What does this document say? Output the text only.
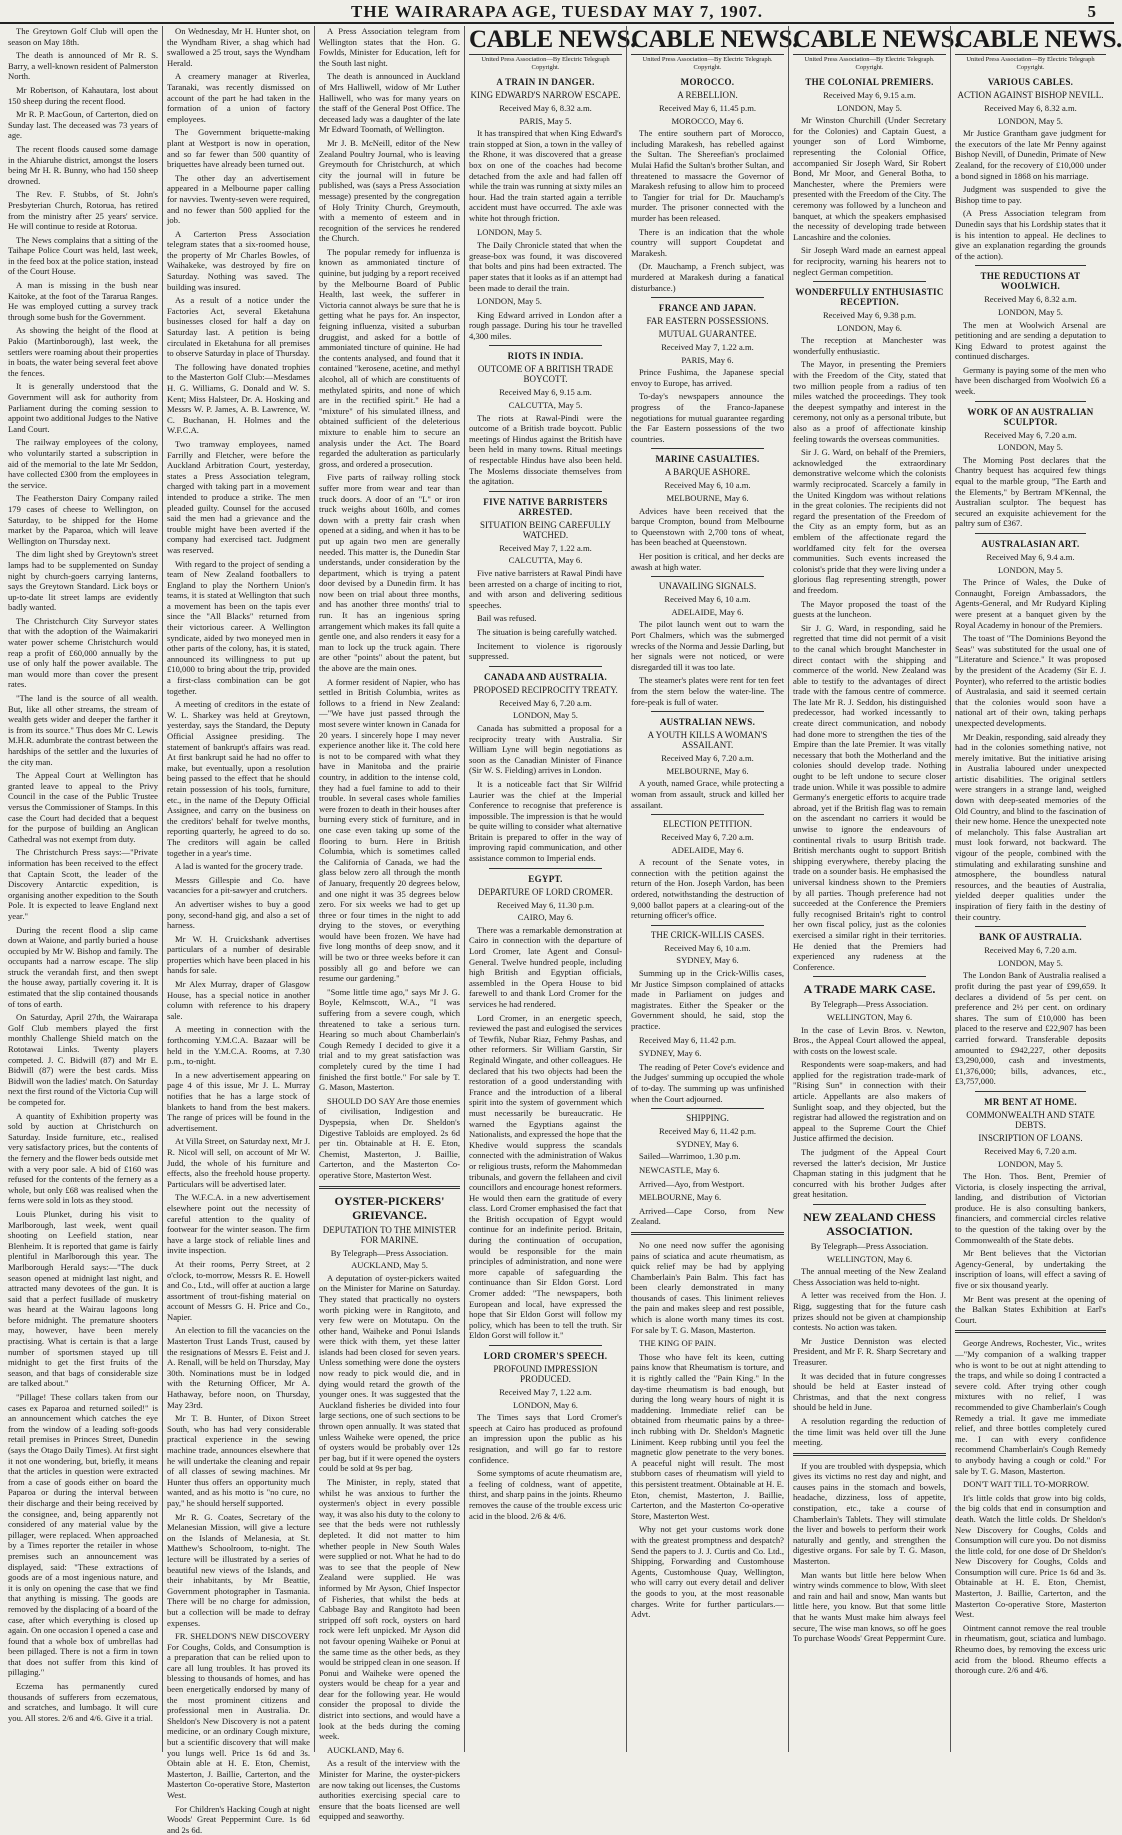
THE WAIRARAPA AGE, TUESDAY MAY 7, 1907.	5

The Greytown Golf Club will open the season on May 18th.

The death is announced of Mr R. S. Barry, a well-known resident of Palmerston North.

Mr Robertson, of Kahautara, lost about 150 sheep during the recent flood.

Mr R. P. MacGoun, of Carterton, died on Sunday last. The deceased was 73 years of age.

The recent floods caused some damage in the Ahiaruhe district, amongst the losers being Mr H. R. Bunny, who had 150 sheep drowned.

The Rev. F. Stubbs, of St. John's Presbyterian Church, Rotorua, has retired from the ministry after 25 years' service. He will continue to reside at Rotorua.

The News complains that a sitting of the Taihape Police Court was held, last week, in the feed box at the police station, instead of the Court House.

A man is missing in the bush near Kaitoke, at the foot of the Tararua Ranges. He was employed cutting a survey track through some bush for the Government.

As showing the height of the flood at Pakio (Martinborough), last week, the settlers were roaming about their properties in boats, the water being several feet above the fences.

It is generally understood that the Government will ask for authority from Parliament during the coming session to appoint two additional Judges to the Native Land Court.

The railway employees of the colony, who voluntarily started a subscription in aid of the memorial to the late Mr Seddon, have collected £300 from the employees in the service.

The Featherston Dairy Company railed 179 cases of cheese to Wellington, on Saturday, to be shipped for the Home market by the Paparoa, which will leave Wellington on Thursday next.

The dim light shed by Greytown's street lamps had to be supplemented on Sunday night by church-goers carrying lanterns, says the Greytown Standard. Lick boys or up-to-date lit street lamps are evidently badly wanted.

The Christchurch City Surveyor states that with the adoption of the Waimakariri water power scheme Christchurch would reap a profit of £60,000 annually by the use of only half the power available. The man would more than cover the present rates.

"The land is the source of all wealth. But, like all other streams, the stream of wealth gets wider and deeper the farther it is from its source." Thus does Mr C. Lewis M.H.R. adumbrate the contrast between the hardships of the settler and the luxuries of the city man.

The Appeal Court at Wellington has granted leave to appeal to the Privy Council in the case of the Public Trustee versus the Commissioner of Stamps. In this case the Court had decided that a bequest for the purpose of building an Anglican Cathedral was not exempt from duty.

The Christchurch Press says:—"Private information has been received to the effect that Captain Scott, the leader of the Discovery Antarctic expedition, is organising another expedition to the South Pole. It is expected to leave England next year."

During the recent flood a slip came down at Waione, and partly buried a house occupied by Mr W. Bishop and family. The occupants had a narrow escape. The slip struck the verandah first, and then swept the house away, partially covering it. It is estimated that the slip contained thousands of tons of earth.

On Saturday, April 27th, the Wairarapa Golf Club members played the first monthly Challenge Shield match on the Rototawai Links. Twenty players competed. J. C. Bidwill (87) and Mr E. Bidwill (87) were the best cards. Miss Bidwill won the ladies' match. On Saturday next the first round of the Victoria Cup will be competed for.

A quantity of Exhibition property was sold by auction at Christchurch on Saturday. Inside furniture, etc., realised very satisfactory prices, but the contents of the fernery and the flower beds outside met with a very poor sale. A bid of £160 was refused for the contents of the fernery as a whole, but only £68 was realised when the ferns were sold in lots as they stood.

Louis Plunket, during his visit to Marlborough, last week, went quail shooting on Leefield station, near Blenheim. It is reported that game is fairly plentiful in Marlborough this year. The Marlborough Herald says:—"The duck season opened at midnight last night, and attracted many devotees of the gun. It is said that a perfect fusillade of musketry was heard at the Wairau lagoons long before midnight. The premature shooters may, however, have been merely practising. What is certain is that a large number of sportsmen stayed up till midnight to get the first fruits of the season, and that bags of considerable size are talked about."

"Pillage! These collars taken from our cases ex Paparoa and returned soiled!" is an announcement which catches the eye from the window of a leading soft-goods retail premises in Princes Street, Dunedin (says the Otago Daily Times). At first sight it not one wondering, but, briefly, it means that the articles in question were extracted from a case of goods either on board the Paparoa or during the interval between their discharge and their being received by the consignee, and, being apparently not considered of any material value by the pillager, were replaced. When approached by a Times reporter the retailer in whose premises such an announcement was displayed, said: "These extractions of goods are of a most ingenious nature, and it is only on opening the case that we find that anything is missing. The goods are removed by the displacing of a board of the case, after which everything is closed up again. On one occasion I opened a case and found that a whole box of umbrellas had been pillaged. There is not a firm in town that does not suffer from this kind of pillaging."

Eczema has permanently cured thousands of sufferers from eczematous, and scratches, and lumbago. It will cure you. All stores. 2/6 and 4/6. Give it a trial.

On Wednesday, Mr H. Hunter shot, on the Wyndham River, a shag which had swallowed a 25 trout, says the Wyndham Herald.

A creamery manager at Riverlea, Taranaki, was recently dismissed on account of the part he had taken in the formation of a union of factory employees.

The Government briquette-making plant at Westport is now in operation, and so far fewer than 500 quantity of briquettes have already been turned out.

The other day an advertisement appeared in a Melbourne paper calling for navvies. Twenty-seven were required, and no fewer than 500 applied for the job.

A Carterton Press Association telegram states that a six-roomed house, the property of Mr Charles Bowles, of Waihakeke, was destroyed by fire on Saturday. Nothing was saved. The building was insured.

As a result of a notice under the Factories Act, several Eketahuna businesses closed for half a day on Saturday last. A petition is being circulated in Eketahuna for all premises to observe Saturday in place of Thursday.

The following have donated trophies to the Masterton Golf Club:—Mesdames H. G. Williams, G. Donald and W. S. Kent; Miss Halsteer, Dr. A. Hosking and Messrs W. P. James, A. B. Lawrence, W. C. Buchanan, H. Holmes and the W.F.C.A.

Two tramway employees, named Farrilly and Fletcher, were before the Auckland Arbitration Court, yesterday, states a Press Association telegram, charged with taking part in a movement intended to produce a strike. The men pleaded guilty. Counsel for the accused said the men had a grievance and the trouble might have been averted if the company had exercised tact. Judgment was reserved.

With regard to the project of sending a team of New Zealand footballers to England to play the Northern Union's teams, it is stated at Wellington that such a movement has been on the tapis ever since the "All Blacks" returned from their victorious career. A Wellington syndicate, aided by two moneyed men in other parts of the colony, has, it is stated, announced its willingness to put up £10,000 to bring about the trip, provided a first-class combination can be got together.

A meeting of creditors in the estate of W. L. Sharkey was held at Greytown, yesterday, says the Standard, the Deputy Official Assignee presiding. The statement of bankrupt's affairs was read. At first bankrupt said he had no offer to make, but eventually, upon a resolution being passed to the effect that he should retain possession of his tools, furniture, etc., in the name of the Deputy Official Assignee, and carry on the business on the creditors' behalf for twelve months, reporting quarterly, he agreed to do so. The creditors will again be called together in a year's time.

A lad is wanted for the grocery trade.

Messrs Gillespie and Co. have vacancies for a pit-sawyer and crutchers.

An advertiser wishes to buy a good pony, second-hand gig, and also a set of harness.

Mr W. H. Cruickshank advertises particulars of a number of desirable properties which have been placed in his hands for sale.

Mr Alex Murray, draper of Glasgow House, has a special notice in another column with reference to his drapery sale.

A meeting in connection with the forthcoming Y.M.C.A. Bazaar will be held in the Y.M.C.A. Rooms, at 7.30 p.m., to-night.

In a new advertisement appearing on page 4 of this issue, Mr J. L. Murray notifies that he has a large stock of blankets to hand from the best makers. The range of prices will be found in the advertisement.

At Villa Street, on Saturday next, Mr J. R. Nicol will sell, on account of Mr W. Judd, the whole of his furniture and effects, also the freehold house property. Particulars will be advertised later.

The W.F.C.A. in a new advertisement elsewhere point out the necessity of careful attention to the quality of footwear for the winter season. The firm have a large stock of reliable lines and invite inspection.

At their rooms, Perry Street, at 2 o'clock, to-morrow, Messrs R. E. Howell and Co., Ltd., will offer at auction a large assortment of trout-fishing material on account of Messrs G. H. Price and Co., Napier.

An election to fill the vacancies on the Masterton Trust Lands Trust, caused by the resignations of Messrs E. Feist and J. A. Renall, will be held on Thursday, May 30th. Nominations must be in lodged with the Returning Officer, Mr A. Hathaway, before noon, on Thursday, May 23rd.

Mr T. B. Hunter, of Dixon Street South, who has had very considerable practical experience in the sewing machine trade, announces elsewhere that he will undertake the cleaning and repair of all classes of sewing machines. Mr Hunter thus offers an opportunity much wanted, and as his motto is "no cure, no pay," he should herself supported.

Mr R. G. Coates, Secretary of the Melanesian Mission, will give a lecture on the Islands of Melanesia, at St. Matthew's Schoolroom, to-night. The lecture will be illustrated by a series of beautiful new views of the Islands, and their inhabitants, by Mr Beattie, Government photographer in Tasmania. There will be no charge for admission, but a collection will be made to defray expenses.

FR. SHELDON'S NEW DISCOVERY For Coughs, Colds, and Consumption is a preparation that can be relied upon to care all lung troubles. It has proved its blessing to thousands of homes, and has been energetically endorsed by many of the most prominent citizens and professional men in Australia. Dr. Sheldon's New Discovery is not a patent medicine, or an ordinary Cough mixture, but a scientific discovery that will make you lungs well. Price 1s 6d and 3s. Obtain able at H. E. Eton, Chemist, Masterton, J. Baillie, Carterton, and the Masterton Co-operative Store, Masterton West.

For Children's Hacking Cough at night Woods' Great Peppermint Cure. 1s 6d and 2s 6d.

A Press Association telegram from Wellington states that the Hon. G. Fowlds, Minister for Education, left for the South last night.

The death is announced in Auckland of Mrs Halliwell, widow of Mr Luther Halliwell, who was for many years on the staff of the General Post Office. The deceased lady was a daughter of the late Mr Edward Toomath, of Wellington.

Mr J. B. McNeill, editor of the New Zealand Poultry Journal, who is leaving Greymouth for Christchurch, at which city the journal will in future be published, was (says a Press Association message) presented by the congregation of Holy Trinity Church, Greymouth, with a memento of esteem and in recognition of the services he rendered the Church.

The popular remedy for influenza is known as ammoniated tincture of quinine, but judging by a report received by the Melbourne Board of Public Health, last week, the sufferer in Victoria cannot always be sure that he is getting what he pays for. An inspector, feigning influenza, visited a suburban druggist, and asked for a bottle of ammoniated tincture of quinine. He had the contents analysed, and found that it contained "kerosene, acetine, and methyl alcohol, all of which are constituents of methylated spirits, and none of which are in the rectified spirit." He had a "mixture" of his simulated illness, and obtained sufficient of the deleterious mixture to enable him to secure an analysis under the Act. The Board regarded the adulteration as particularly gross, and ordered a prosecution.

Five parts of railway rolling stock suffer more from wear and tear than truck doors. A door of an "L" or iron truck weighs about 160lb, and comes down with a pretty fair crash when opened at a siding, and when it has to be put up again two men are generally needed. This matter is, the Dunedin Star understands, under consideration by the department, which is trying a patent door devised by a Dunedin firm. It has now been on trial about three months, and has another three months' trial to run. It has an ingenious spring arrangement which makes its fall quite a gentle one, and also renders it easy for a man to lock up the truck again. There are other "points" about the patent, but the above are the main ones.

A former resident of Napier, who has settled in British Columbia, writes as follows to a friend in New Zealand:—"We have just passed through the most severe winter known in Canada for 20 years. I sincerely hope I may never experience another like it. The cold here is not to be compared with what they have in Manitoba and the prairie country, in addition to the intense cold, they had a fuel famine to add to their trouble. In several cases whole families were frozen to death in their houses after burning every stick of furniture, and in one case even taking up some of the flooring to burn. Here in British Columbia, which is sometimes called the California of Canada, we had the glass below zero all through the month of January, frequently 20 degrees below, and one night it was 35 degrees below zero. For six weeks we had to get up three or four times in the night to add drying to the stoves, or everything would have been frozen. We have had five long months of deep snow, and it will be two or three weeks before it can possibly all go and before we can resume our gardening."

"Some little time ago," says Mr J. G. Boyle, Kelmscott, W.A., "I was suffering from a severe cough, which threatened to take a serious turn. Hearing so much about Chamberlain's Cough Remedy I decided to give it a trial and to my great satisfaction was completely cured by the time I had finished the first bottle." For sale by T. G. Mason, Masterton.

SHOULD DO SAY Are those enemies of civilisation, Indigestion and Dyspepsia, when Dr. Sheldon's Digestive Tabloids are employed. 2s 6d per tin. Obtainable at H. E. Eton, Chemist, Masterton, J. Baillie, Carterton, and the Masterton Co-operative Store, Masterton West.

OYSTER-PICKERS' GRIEVANCE.
DEPUTATION TO THE MINISTER FOR MARINE.
By Telegraph—Press Association.
AUCKLAND, May 5.

A deputation of oyster-pickers waited on the Minister for Marine on Saturday. They stated that practically no oysters worth picking were in Rangitoto, and very few were on Motutapu. On the other hand, Waiheke and Ponui Islands were thick with them, yet these latter islands had been closed for seven years. Unless something were done the oysters now ready to pick would die, and in dying would retard the growth of the younger ones. It was suggested that the Auckland fisheries be divided into four large sections, one of such sections to be thrown open annually. It was stated that unless Waiheke were opened, the price of oysters would be probably over 12s per bag, but if it were opened the oysters could be sold at 9s per bag.

The Minister, in reply, stated that whilst he was anxious to further the oystermen's object in every possible way, it was also his duty to the colony to see that the beds were not ruthlessly depleted. It did not matter to him whether people in New South Wales were supplied or not. What he had to do was to see that the people of New Zealand were supplied. He was informed by Mr Ayson, Chief Inspector of Fisheries, that whilst the beds at Cabbage Bay and Rangitoto had been stripped off soft rock, oysters on hard rock were left unpicked. Mr Ayson did not favour opening Waiheke or Ponui at the same time as the other beds, as they would be stripped clean in one season. If Ponui and Waiheke were opened the oysters would be cheap for a year and dear for the following year. He would consider the proposal to divide the district into sections, and would have a look at the beds during the coming week.

AUCKLAND, May 6.

As a result of the interview with the Minister for Marine, the oyster-pickers are now taking out licenses, the Customs authorities exercising special care to ensure that the boats licensed are well equipped and seaworthy.

CABLE NEWS.
United Press Association—By Electric Telegraph Copyright.
A TRAIN IN DANGER.
KING EDWARD'S NARROW ESCAPE.
Received May 6, 8.32 a.m.
PARIS, May 5.

It has transpired that when King Edward's train stopped at Sion, a town in the valley of the Rhone, it was discovered that a grease box on one of the coaches had become detached from the axle and had fallen off while the train was running at sixty miles an hour. Had the train started again a terrible accident must have occurred. The axle was white hot through friction.

LONDON, May 5.

The Daily Chronicle stated that when the grease-box was found, it was discovered that bolts and pins had been extracted. The paper states that it looks as if an attempt had been made to derail the train.

LONDON, May 5.

King Edward arrived in London after a rough passage. During his tour he travelled 4,300 miles.

RIOTS IN INDIA.
OUTCOME OF A BRITISH TRADE BOYCOTT.
Received May 6, 9.15 a.m.
CALCUTTA, May 5.

The riots at Rawal-Pindi were the outcome of a British trade boycott. Public meetings of Hindus against the British have been held in many towns. Ritual meetings of respectable Hindus have also been held. The Moslems dissociate themselves from the agitation.

FIVE NATIVE BARRISTERS ARRESTED.
SITUATION BEING CAREFULLY WATCHED.
Received May 7, 1.22 a.m.
CALCUTTA, May 6.

Five native barristers at Rawal Pindi have been arrested on a charge of inciting to riot, and with arson and delivering seditious speeches.

Bail was refused.

The situation is being carefully watched.

Incitement to violence is rigorously suppressed.

CANADA AND AUSTRALIA.
PROPOSED RECIPROCITY TREATY.
Received May 6, 7.20 a.m.
LONDON, May 5.

Canada has submitted a proposal for a reciprocity treaty with Australia. Sir William Lyne will begin negotiations as soon as the Canadian Minister of Finance (Sir W. S. Fielding) arrives in London.

It is a noticeable fact that Sir Wilfrid Laurier was the chief at the Imperial Conference to recognise that preference is impossible. The impression is that he would be quite willing to consider what alternative Britain is prepared to offer in the way of improving rapid communication, and other assistance common to Imperial ends.

EGYPT.
DEPARTURE OF LORD CROMER.
Received May 6, 11.30 p.m.
CAIRO, May 6.

There was a remarkable demonstration at Cairo in connection with the departure of Lord Cromer, late Agent and Consul-General. Twelve hundred people, including high British and Egyptian officials, assembled in the Opera House to bid farewell to and thank Lord Cromer for the services he had rendered.

Lord Cromer, in an energetic speech, reviewed the past and eulogised the services of Tewfik, Nubar Riaz, Fehmy Pashas, and other reformers. Sir William Garstin, Sir Reginald Wingate, and other colleagues. He declared that his two objects had been the restoration of a good understanding with France and the introduction of a liberal spirit into the system of government which must necessarily be bureaucratic. He warned the Egyptians against the Nationalists, and expressed the hope that the Khedive would suppress the scandals connected with the administration of Wakus or religious trusts, reform the Mahommedan tribunals, and govern the fellaheen and civil councillors and encourage honest reformers. He would then earn the gratitude of every class. Lord Cromer emphasised the fact that the British occupation of Egypt would continue for an indefinite period. Britain, during the continuation of occupation, would be responsible for the main principles of administration, and none were more capable of safeguarding the continuance than Sir Eldon Gorst. Lord Cromer added: "The newspapers, both European and local, have expressed the hope that Sir Eldon Gorst will follow my policy, which has been to tell the truth. Sir Eldon Gorst will follow it."

LORD CROMER'S SPEECH.
PROFOUND IMPRESSION PRODUCED.
Received May 7, 1.22 a.m.
LONDON, May 6.

The Times says that Lord Cromer's speech at Cairo has produced as profound an impression upon the public as his resignation, and will go far to restore confidence.

Some symptoms of acute rheumatism are, a feeling of coldness, want of appetite, thirst, and sharp pains in the joints. Rheumo removes the cause of the trouble excess uric acid in the blood. 2/6 & 4/6.

CABLE NEWS.
United Press Association—By Electric Telegraph. Copyright.
MOROCCO.
A REBELLION.
Received May 6, 11.45 p.m.
MOROCCO, May 6.

The entire southern part of Morocco, including Marakesh, has rebelled against the Sultan. The Shereefian's proclaimed Mulai Hafid the Sultan's brother Sultan, and threatened to massacre the Governor of Marakesh refusing to allow him to proceed to Tangier for trial for Dr. Mauchamp's murder. The prisoner connected with the murder has been released.

There is an indication that the whole country will support Coupdetat and Marakesh.

(Dr. Mauchamp, a French subject, was murdered at Marakesh during a fanatical disturbance.)

FRANCE AND JAPAN.
FAR EASTERN POSSESSIONS.
MUTUAL GUARANTEE.
Received May 7, 1.22 a.m.
PARIS, May 6.

Prince Fushima, the Japanese special envoy to Europe, has arrived.

To-day's newspapers announce the progress of the Franco-Japanese negotiations for mutual guarantee regarding the Far Eastern possessions of the two countries.

MARINE CASUALTIES.
A BARQUE ASHORE.
Received May 6, 10 a.m.
MELBOURNE, May 6.

Advices have been received that the barque Crompton, bound from Melbourne to Queenstown with 2,700 tons of wheat, has been beached at Queenstown.

Her position is critical, and her decks are awash at high water.

UNAVAILING SIGNALS.
Received May 6, 10 a.m.
ADELAIDE, May 6.

The pilot launch went out to warn the Port Chalmers, which was the submerged wrecks of the Norma and Jessie Darling, but her signals were not noticed, or were disregarded till it was too late.

The steamer's plates were rent for ten feet from the stern below the water-line. The fore-peak is full of water.

AUSTRALIAN NEWS.
A YOUTH KILLS A WOMAN'S ASSAILANT.
Received May 6, 7.20 a.m.
MELBOURNE, May 6.

A youth, named Grace, while protecting a woman from assault, struck and killed her assailant.

ELECTION PETITION.
Received May 6, 7.20 a.m.
ADELAIDE, May 6.

A recount of the Senate votes, in connection with the petition against the return of the Hon. Joseph Vardon, has been ordered, notwithstanding the destruction of 9,000 ballot papers at a clearing-out of the returning officer's office.

THE CRICK-WILLIS CASES.
Received May 6, 10 a.m.
SYDNEY, May 6.

Summing up in the Crick-Willis cases, Mr Justice Simpson complained of attacks made in Parliament on judges and magistrates. Either the Speaker or the Government should, he said, stop the practice.

Received May 6, 11.42 p.m.

SYDNEY, May 6.

The reading of Peter Cove's evidence and the Judges' summing up occupied the whole of to-day. The summing up was unfinished when the Court adjourned.

SHIPPING.
Received May 6, 11.42 p.m.
SYDNEY, May 6.

Sailed—Warrimoo, 1.30 p.m.

NEWCASTLE, May 6.

Arrived—Ayo, from Westport.

MELBOURNE, May 6.

Arrived—Cape Corso, from New Zealand.

No one need now suffer the agonising pains of sciatica and acute rheumatism, as quick relief may be had by applying Chamberlain's Pain Balm. This fact has been clearly demonstrated in many thousands of cases. This liniment relieves the pain and makes sleep and rest possible, which is alone worth many times its cost. For sale by T. G. Mason, Masterton.

THE KING OF PAIN.

Those who have felt its keen, cutting pains know that Rheumatism is torture, and it is rightly called the "Pain King." In the day-time rheumatism is bad enough, but during the long weary hours of night it is maddening. Immediate relief can be obtained from rheumatic pains by a three-inch rubbing with Dr. Sheldon's Magnetic Liniment. Keep rubbing until you feel the magnetic glow penetrate to the very bones. A peaceful night will result. The most stubborn cases of rheumatism will yield to this persistent treatment. Obtainable at H. E. Eton, chemist, Masterton, J. Baillie, Carterton, and the Masterton Co-operative Store, Masterton West.

Why not get your customs work done with the greatest promptness and despatch? Send the papers to J. J. Curtis and Co. Ltd., Shipping, Forwarding and Customhouse Agents, Customhouse Quay, Wellington, who will carry out every detail and deliver the goods to you, at the most reasonable charges. Write for further particulars.—Advt.

CABLE NEWS.
United Press Association—By Electric Telegraph. Copyright.
THE COLONIAL PREMIERS.
Received May 6, 9.15 a.m.
LONDON, May 5.

Mr Winston Churchill (Under Secretary for the Colonies) and Captain Guest, a younger son of Lord Wimborne, representing the Colonial Office, accompanied Sir Joseph Ward, Sir Robert Bond, Mr Moor, and General Botha, to Manchester, where the Premiers were presented with the Freedom of the City. The ceremony was followed by a luncheon and banquet, at which the speakers emphasised the necessity of developing trade between Lancashire and the colonies.

Sir Joseph Ward made an earnest appeal for reciprocity, warning his hearers not to neglect German competition.

WONDERFULLY ENTHUSIASTIC RECEPTION.
Received May 6, 9.38 p.m.
LONDON, May 6.

The reception at Manchester was wonderfully enthusiastic.

The Mayor, in presenting the Premiers with the Freedom of the City, stated that two million people from a radius of ten miles watched the proceedings. They took the deepest sympathy and interest in the ceremony, not only as a personal tribute, but also as a proof of affectionate kinship feeling towards the overseas communities.

Sir J. G. Ward, on behalf of the Premiers, acknowledged the extraordinary demonstrative welcome which the colonists warmly reciprocated. Scarcely a family in the United Kingdom was without relations in the great colonies. The recipients did not regard the presentation of the Freedom of the City as an empty form, but as an emblem of the affectionate regard the worldfamed city felt for the oversea communities. Such events increased the colonist's pride that they were living under a glorious flag representing strength, power and freedom.

The Mayor proposed the toast of the guests at the luncheon.

Sir J. G. Ward, in responding, said he regretted that time did not permit of a visit to the canal which brought Manchester in direct contact with the shipping and commerce of the world. New Zealand was able to testify to the advantages of direct trade with the famous centre of commerce. The late Mr R. J. Seddon, his distinguished predecessor, had worked incessantly to create direct communication, and nobody had done more to strengthen the ties of the Empire than the late Premier. It was vitally necessary that both the Motherland and the colonies should develop trade. Nothing ought to be left undone to secure closer trade union. While it was possible to admire Germany's energetic efforts to acquire trade abroad, yet if the British flag was to remain on the ascendant no carriers it would be unwise to ignore the endeavours of continental rivals to usurp British trade. British merchants ought to support British shipping everywhere, thereby placing the trade on a sounder basis. He emphasised the universal kindness shown to the Premiers by all parties. Though preference had not succeeded at the Conference the Premiers fully recognised Britain's right to control her own fiscal policy, just as the colonies exercised a similar right in their territories. He denied that the Premiers had experienced any rudeness at the Conference.

A TRADE MARK CASE.
By Telegraph—Press Association.
WELLINGTON, May 6.

In the case of Levin Bros. v. Newton, Bros., the Appeal Court allowed the appeal, with costs on the lowest scale.

Respondents were soap-makers, and had applied for the registration trade-mark of "Rising Sun" in connection with their article. Appellants are also makers of Sunlight soap, and they objected, but the registrar had allowed the registration and on appeal to the Supreme Court the Chief Justice affirmed the decision.

The judgment of the Appeal Court reversed the latter's decision, Mr Justice Chapman stating in this judgment that he concurred with his brother Judges after great hesitation.

NEW ZEALAND CHESS ASSOCIATION.
By Telegraph—Press Association.
WELLINGTON, May 6.

The annual meeting of the New Zealand Chess Association was held to-night.

A letter was received from the Hon. J. Rigg, suggesting that for the future cash prizes should not be given at championship contests. No action was taken.

Mr Justice Denniston was elected President, and Mr F. R. Sharp Secretary and Treasurer.

It was decided that in future congresses should be held at Easter instead of Christmas, and that the next congress should be held in June.

A resolution regarding the reduction of the time limit was held over till the June meeting.

If you are troubled with dyspepsia, which gives its victims no rest day and night, and causes pains in the stomach and bowels, headache, dizziness, loss of appetite, constipation, etc., take a course of Chamberlain's Tablets. They will stimulate the liver and bowels to perform their work naturally and gently, and strengthen the digestive organs. For sale by T. G. Mason, Masterton.

Man wants but little here below When wintry winds commence to blow, With sleet and rain and hail and snow, Man wants but little here, you know. But that some little that he wants Must make him always feel secure, The wise man knows, so off he goes To purchase Woods' Great Peppermint Cure.

CABLE NEWS.
United Press Association—By Electric Telegraph Copyright.
VARIOUS CABLES.
ACTION AGAINST BISHOP NEVILL.
Received May 6, 8.32 a.m.
LONDON, May 5.

Mr Justice Grantham gave judgment for the executors of the late Mr Penny against Bishop Nevill, of Dunedin, Primate of New Zealand, for the recovery of £10,000 under a bond signed in 1868 on his marriage.

Judgment was suspended to give the Bishop time to pay.

(A Press Association telegram from Dunedin says that his Lordship states that it is his intention to appeal. He declines to give an explanation regarding the grounds of the action).

THE REDUCTIONS AT WOOLWICH.
Received May 6, 8.32 a.m.
LONDON, May 5.

The men at Woolwich Arsenal are petitioning and are sending a deputation to King Edward to protest against the continued discharges.

Germany is paying some of the men who have been discharged from Woolwich £6 a week.

WORK OF AN AUSTRALIAN SCULPTOR.
Received May 6, 7.20 a.m.
LONDON, May 5.

The Morning Post declares that the Chantry bequest has acquired few things equal to the marble group, "The Earth and the Elements," by Bertram M'Kennal, the Australian sculptor. The bequest has secured an exquisite achievement for the paltry sum of £367.

AUSTRALASIAN ART.
Received May 6, 9.4 a.m.
LONDON, May 5.

The Prince of Wales, the Duke of Connaught, Foreign Ambassadors, the Agents-General, and Mr Rudyard Kipling were present at a banquet given by the Royal Academy in honour of the Premiers.

The toast of "The Dominions Beyond the Seas" was substituted for the usual one of "Literature and Science." It was proposed by the president of the Academy (Sir E. J. Poynter), who referred to the artistic bodies of Australasia, and said it seemed certain that the colonies would soon have a national art of their own, taking perhaps unexpected developments.

Mr Deakin, responding, said already they had in the colonies something native, not merely imitative. But the initiative arising in Australia laboured under unexpected artistic disabilities. The original settlers were strangers in a strange land, weighed down with deep-seated memories of the Old Country, and blind to the fascination of their new home. Hence the unexpected note of melancholy. This false Australian art must look forward, not backward. The vigour of the people, combined with the stimulating and exhilarating sunshine and atmosphere, the boundless natural resources, and the beauties of Australia, yielded deeper qualities under the inspiration of fiery faith in the destiny of their country.

BANK OF AUSTRALIA.
Received May 6, 7.20 a.m.
LONDON, May 5.

The London Bank of Australia realised a profit during the past year of £99,659. It declares a dividend of 5s per cent. on preference and 2½ per cent. on ordinary shares. The sum of £10,000 has been placed to the reserve and £22,907 has been carried forward. Transferable deposits amounted to £942,227, other deposits £3,290,000, cash and investments, £1,376,000; bills, advances, etc., £3,757,000.

MR BENT AT HOME.
COMMONWEALTH AND STATE DEBTS.
INSCRIPTION OF LOANS.
Received May 6, 7.20 a.m.
LONDON, May 5.

The Hon. Thos. Bent, Premier of Victoria, is closely inspecting the arrival, landing, and distribution of Victorian produce. He is also consulting bankers, financiers, and commercial circles relative to the question of the taking over by the Commonwealth of the State debts.

Mr Bent believes that the Victorian Agency-General, by undertaking the inscription of loans, will effect a saving of five or six thousand yearly.

Mr Bent was present at the opening of the Balkan States Exhibition at Earl's Court.

George Andrews, Rochester, Vic., writes —"My companion of a walking trapper who is wont to be out at night attending to the traps, and while so doing I contracted a severe cold. After trying other cough mixtures with no relief, I was recommended to give Chamberlain's Cough Remedy a trial. It gave me immediate relief, and three bottles completely cured me. I can with every confidence recommend Chamberlain's Cough Remedy to anybody having a cough or cold." For sale by T. G. Mason, Masterton.

DON'T WAIT TILL TO-MORROW.

It's little colds that grow into big colds, the big colds that end in consumption and death. Watch the little colds. Dr Sheldon's New Discovery for Coughs, Colds and Consumption will cure you. Do not dismiss the little cold, for one dose of Dr Sheldon's New Discovery for Coughs, Colds and Consumption will cure. Price 1s 6d and 3s. Obtainable at H. E. Eton, Chemist, Masterton, J. Baillie, Carterton, and the Masterton Co-operative Store, Masterton West.

Ointment cannot remove the real trouble in rheumatism, gout, sciatica and lumbago. Rheumo does, by removing the excess uric acid from the blood. Rheumo effects a thorough cure. 2/6 and 4/6.
